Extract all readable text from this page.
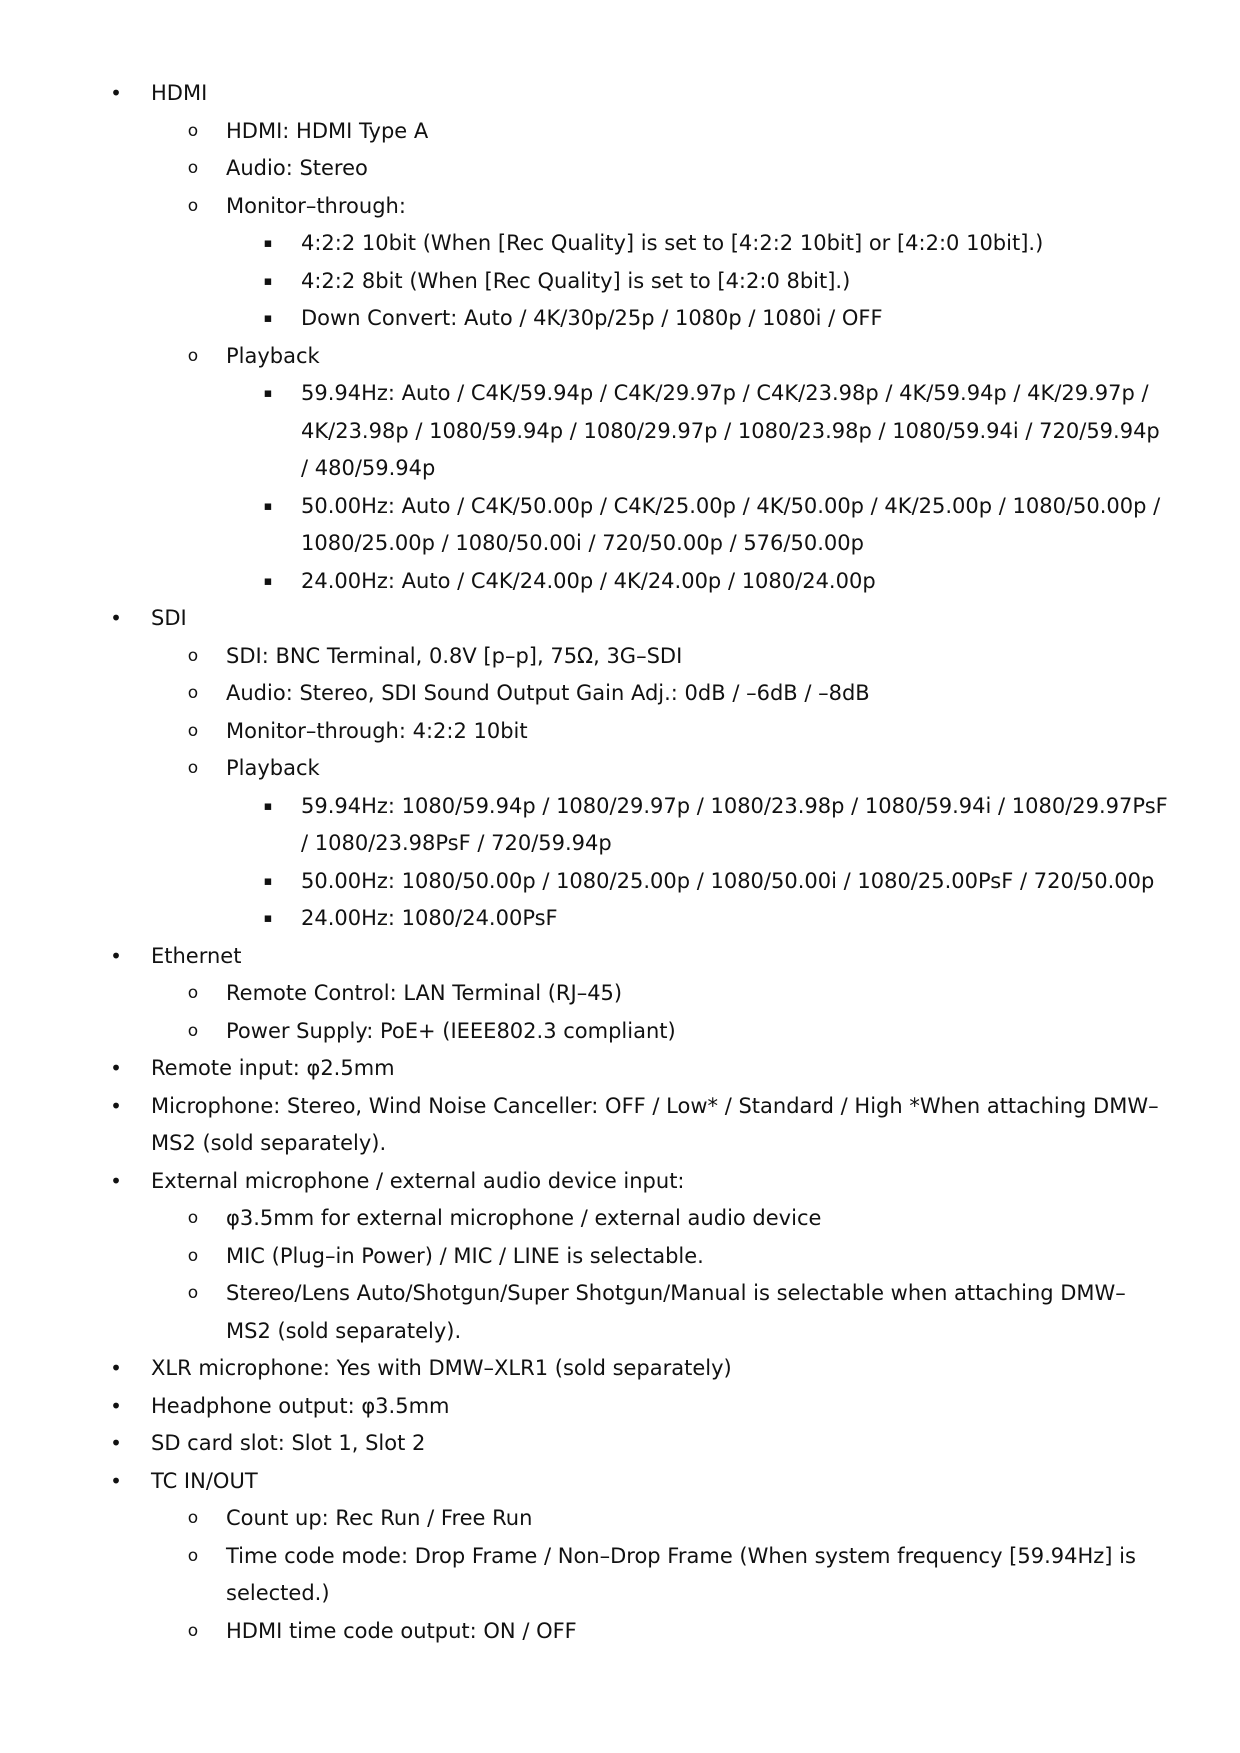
• HDMI
o HDMI: HDMI Type A
o Audio: Stereo
o Monitor–through:
▪ 4:2:2 10bit (When [Rec Quality] is set to [4:2:2 10bit] or [4:2:0 10bit].)
▪ 4:2:2 8bit (When [Rec Quality] is set to [4:2:0 8bit].)
▪ Down Convert: Auto / 4K/30p/25p / 1080p / 1080i / OFF
o Playback
▪ 59.94Hz: Auto / C4K/59.94p / C4K/29.97p / C4K/23.98p / 4K/59.94p / 4K/29.97p / 4K/23.98p / 1080/59.94p / 1080/29.97p / 1080/23.98p / 1080/59.94i / 720/59.94p / 480/59.94p
▪ 50.00Hz: Auto / C4K/50.00p / C4K/25.00p / 4K/50.00p / 4K/25.00p / 1080/50.00p / 1080/25.00p / 1080/50.00i / 720/50.00p / 576/50.00p
▪ 24.00Hz: Auto / C4K/24.00p / 4K/24.00p / 1080/24.00p
• SDI
o SDI: BNC Terminal, 0.8V [p–p], 75Ω, 3G–SDI
o Audio: Stereo, SDI Sound Output Gain Adj.: 0dB / –6dB / –8dB
o Monitor–through: 4:2:2 10bit
o Playback
▪ 59.94Hz: 1080/59.94p / 1080/29.97p / 1080/23.98p / 1080/59.94i / 1080/29.97PsF / 1080/23.98PsF / 720/59.94p
▪ 50.00Hz: 1080/50.00p / 1080/25.00p / 1080/50.00i / 1080/25.00PsF / 720/50.00p
▪ 24.00Hz: 1080/24.00PsF
• Ethernet
o Remote Control: LAN Terminal (RJ–45)
o Power Supply: PoE+ (IEEE802.3 compliant)
• Remote input: φ2.5mm
• Microphone: Stereo, Wind Noise Canceller: OFF / Low* / Standard / High *When attaching DMW–MS2 (sold separately).
• External microphone / external audio device input:
o φ3.5mm for external microphone / external audio device
o MIC (Plug–in Power) / MIC / LINE is selectable.
o Stereo/Lens Auto/Shotgun/Super Shotgun/Manual is selectable when attaching DMW–MS2 (sold separately).
• XLR microphone: Yes with DMW–XLR1 (sold separately)
• Headphone output: φ3.5mm
• SD card slot: Slot 1, Slot 2
• TC IN/OUT
o Count up: Rec Run / Free Run
o Time code mode: Drop Frame / Non–Drop Frame (When system frequency [59.94Hz] is selected.)
o HDMI time code output: ON / OFF
